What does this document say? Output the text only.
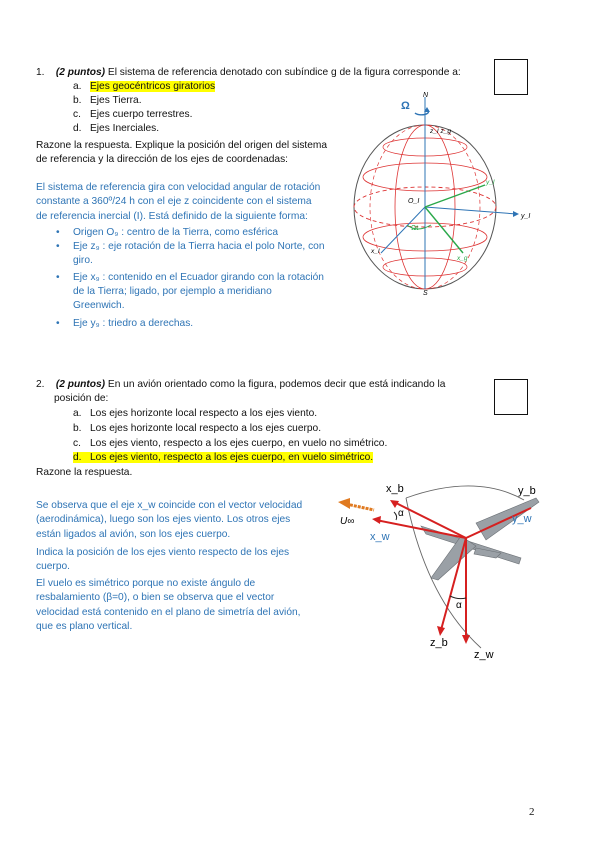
1. (2 puntos) El sistema de referencia denotado con subíndice g de la figura corresponde a:
a. Ejes geocéntricos giratorios
b. Ejes Tierra.
c. Ejes cuerpo terrestres.
d. Ejes Inerciales.
Razone la respuesta. Explique la posición del origen del sistema
de referencia y la dirección de los ejes de coordenadas:
El sistema de referencia gira con velocidad angular de rotación
constante a 360º/24 h con el eje z coincidente con el sistema
de referencia inercial (I). Está definido de la siguiente forma:
• Origen O₉ : centro de la Tierra, como esférica
• Eje z₉ : eje rotación de la Tierra hacia el polo Norte, con
giro.
• Eje x₉ : contenido en el Ecuador girando con la rotación
de la Tierra; ligado, por ejemplo a meridiano
Greenwich.
• Eje y₉ : triedro a derechas.
Ω
N
S
z_I z_g
O_I
y_I
x_I
y_I
x_g
Ωt
2. (2 puntos) En un avión orientado como la figura, podemos decir que está indicando la
posición de:
a. Los ejes horizonte local respecto a los ejes viento.
b. Los ejes horizonte local respecto a los ejes cuerpo.
c. Los ejes viento, respecto a los ejes cuerpo, en vuelo no simétrico.
d. Los ejes viento, respecto a los ejes cuerpo, en vuelo simétrico.
Razone la respuesta.
Se observa que el eje x_w coincide con el vector velocidad
(aerodinámica), luego son los ejes viento. Los otros ejes
están ligados al avión, son los ejes cuerpo.
Indica la posición de los ejes viento respecto de los ejes
cuerpo.
El vuelo es simétrico porque no existe ángulo de
resbalamiento (β=0), o bien se observa que el vector
velocidad está contenido en el plano de simetría del avión,
que es plano vertical.
U∞
x_b	y_b
y_w
x_w
α
α
z_b
z_w
2
